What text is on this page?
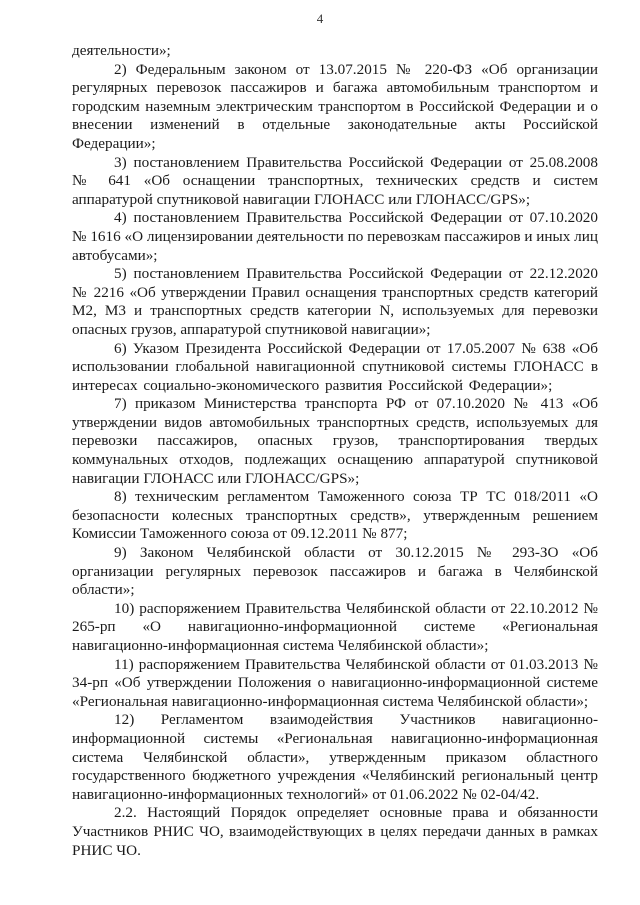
4

деятельности»;

2) Федеральным законом от 13.07.2015 № 220-ФЗ «Об организации регулярных перевозок пассажиров и багажа автомобильным транспортом и городским наземным электрическим транспортом в Российской Федерации и о внесении изменений в отдельные законодательные акты Российской Федерации»;

3) постановлением Правительства Российской Федерации от 25.08.2008 № 641 «Об оснащении транспортных, технических средств и систем аппаратурой спутниковой навигации ГЛОНАСС или ГЛОНАСС/GPS»;

4) постановлением Правительства Российской Федерации от 07.10.2020 № 1616 «О лицензировании деятельности по перевозкам пассажиров и иных лиц автобусами»;

5) постановлением Правительства Российской Федерации от 22.12.2020 № 2216 «Об утверждении Правил оснащения транспортных средств категорий М2, М3 и транспортных средств категории N, используемых для перевозки опасных грузов, аппаратурой спутниковой навигации»;

6) Указом Президента Российской Федерации от 17.05.2007 № 638 «Об использовании глобальной навигационной спутниковой системы ГЛОНАСС в интересах социально-экономического развития Российской Федерации»;

7) приказом Министерства транспорта РФ от 07.10.2020 № 413 «Об утверждении видов автомобильных транспортных средств, используемых для перевозки пассажиров, опасных грузов, транспортирования твердых коммунальных отходов, подлежащих оснащению аппаратурой спутниковой навигации ГЛОНАСС или ГЛОНАСС/GPS»;

8) техническим регламентом Таможенного союза ТР ТС 018/2011 «О безопасности колесных транспортных средств», утвержденным решением Комиссии Таможенного союза от 09.12.2011 № 877;

9) Законом Челябинской области от 30.12.2015 № 293-ЗО «Об организации регулярных перевозок пассажиров и багажа в Челябинской области»;

10) распоряжением Правительства Челябинской области от 22.10.2012 № 265-рп «О навигационно-информационной системе «Региональная навигационно-информационная система Челябинской области»;

11) распоряжением Правительства Челябинской области от 01.03.2013 № 34-рп «Об утверждении Положения о навигационно-информационной системе «Региональная навигационно-информационная система Челябинской области»;

12) Регламентом взаимодействия Участников навигационно-информационной системы «Региональная навигационно-информационная система Челябинской области», утвержденным приказом областного государственного бюджетного учреждения «Челябинский региональный центр навигационно-информационных технологий» от 01.06.2022 № 02-04/42.

2.2. Настоящий Порядок определяет основные права и обязанности Участников РНИС ЧО, взаимодействующих в целях передачи данных в рамках РНИС ЧО.
